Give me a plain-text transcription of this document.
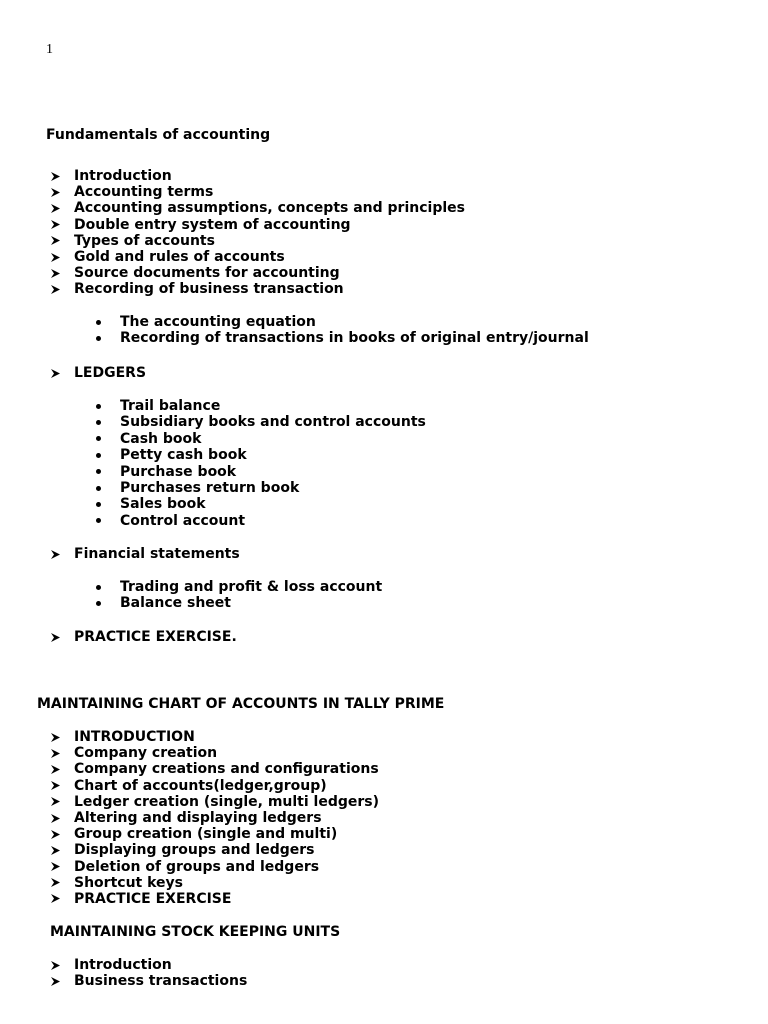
1
Fundamentals of accounting
Introduction
Accounting terms
Accounting assumptions, concepts and principles
Double entry system of accounting
Types of accounts
Gold and rules of accounts
Source documents for accounting
Recording of business transaction
The accounting equation
Recording of transactions in books of original entry/journal
LEDGERS
Trail balance
Subsidiary books and control accounts
Cash book
Petty cash book
Purchase book
Purchases return book
Sales book
Control account
Financial statements
Trading and profit & loss account
Balance sheet
PRACTICE EXERCISE.
MAINTAINING CHART OF ACCOUNTS IN TALLY PRIME
INTRODUCTION
Company creation
Company creations and configurations
Chart of accounts(ledger,group)
Ledger creation (single, multi ledgers)
Altering and displaying ledgers
Group creation (single and multi)
Displaying groups and ledgers
Deletion of groups and ledgers
Shortcut keys
PRACTICE EXERCISE
MAINTAINING STOCK KEEPING UNITS
Introduction
Business transactions
